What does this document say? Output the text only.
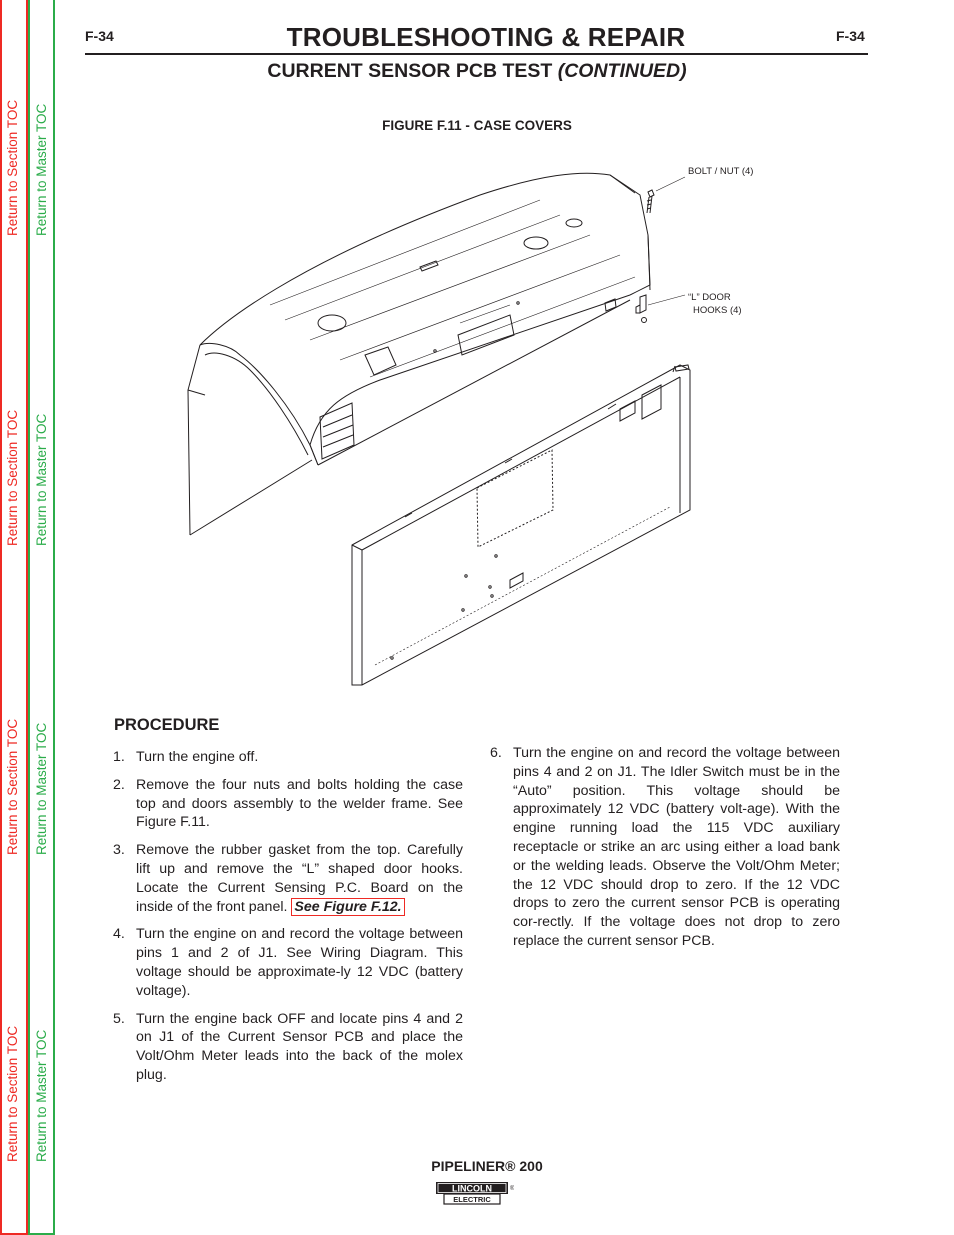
Return to Section TOC Return to Master TOC
Return to Section TOC Return to Master TOC
Return to Section TOC Return to Master TOC
Return to Section TOC Return to Master TOC
F-34	F-34
TROUBLESHOOTING & REPAIR
CURRENT SENSOR PCB TEST (CONTINUED)
FIGURE F.11 - CASE COVERS
BOLT / NUT (4)
“L” DOOR
HOOKS (4)
PROCEDURE
1. Turn the engine off.
2. Remove the four nuts and bolts holding the case top and doors assembly to the welder frame. See Figure F.11.
3. Remove the rubber gasket from the top. Carefully lift up and remove the “L” shaped door hooks. Locate the Current Sensing P.C. Board on the inside of the front panel. See Figure F.12.
4. Turn the engine on and record the voltage between pins 1 and 2 of J1. See Wiring Diagram. This voltage should be approximate-ly 12 VDC (battery voltage).
5. Turn the engine back OFF and locate pins 4 and 2 on J1 of the Current Sensor PCB and place the Volt/Ohm Meter leads into the back of the molex plug.
6. Turn the engine on and record the voltage between pins 4 and 2 on J1. The Idler Switch must be in the “Auto” position. This voltage should be approximately 12 VDC (battery volt-age). With the engine running load the 115 VDC auxiliary receptacle or strike an arc using either a load bank or the welding leads. Observe the Volt/Ohm Meter; the 12 VDC should drop to zero. If the 12 VDC drops to zero the current sensor PCB is operating cor-rectly. If the voltage does not drop to zero replace the current sensor PCB.
PIPELINER® 200
LINCOLN	®
ELECTRIC
